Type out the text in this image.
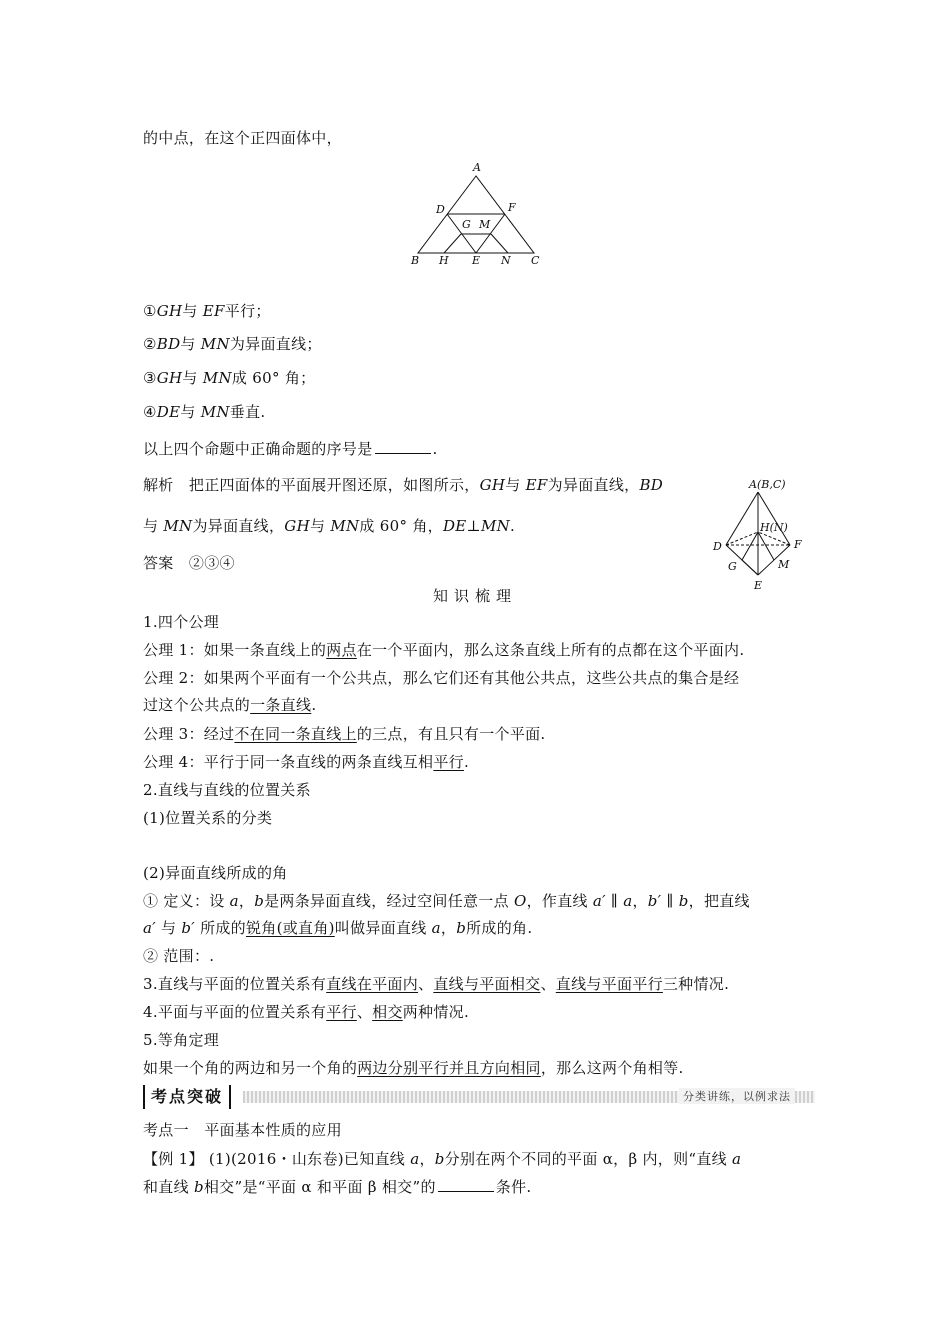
的中点，在这个正四面体中，
A
D	F
G M
B H E N C
①GH与 EF平行；
②BD与 MN为异面直线；
③GH与 MN成 60° 角；
④DE与 MN垂直.
以上四个命题中正确命题的序号是	.
解析　把正四面体的平面展开图还原，如图所示，GH与 EF为异面直线，BD
与 MN为异面直线，GH与 MN成 60° 角，DE⊥MN.
A(B,C)
H(N)
D	F
G	M
E
答案　②③④
知识梳理
1.四个公理
公理 1：如果一条直线上的两点在一个平面内，那么这条直线上所有的点都在这个平面内.
公理 2：如果两个平面有一个公共点，那么它们还有其他公共点，这些公共点的集合是经
过这个公共点的一条直线.
公理 3：经过不在同一条直线上的三点，有且只有一个平面.
公理 4：平行于同一条直线的两条直线互相平行.
2.直线与直线的位置关系
(1)位置关系的分类
(2)异面直线所成的角
① 定义：设 a，b是两条异面直线，经过空间任意一点 O，作直线 a′ ∥ a，b′ ∥ b，把直线
a′ 与 b′ 所成的锐角(或直角)叫做异面直线 a，b所成的角.
② 范围：.
3.直线与平面的位置关系有直线在平面内、直线与平面相交、直线与平面平行三种情况.
4.平面与平面的位置关系有平行、相交两种情况.
5.等角定理
如果一个角的两边和另一个角的两边分别平行并且方向相同，那么这两个角相等.
考点突破	分类讲练，以例求法
考点一　平面基本性质的应用
【例 1】 (1)(2016・山东卷)已知直线 a，b分别在两个不同的平面 α，β 内，则“直线 a
和直线 b相交”是“平面 α 和平面 β 相交”的	条件.
